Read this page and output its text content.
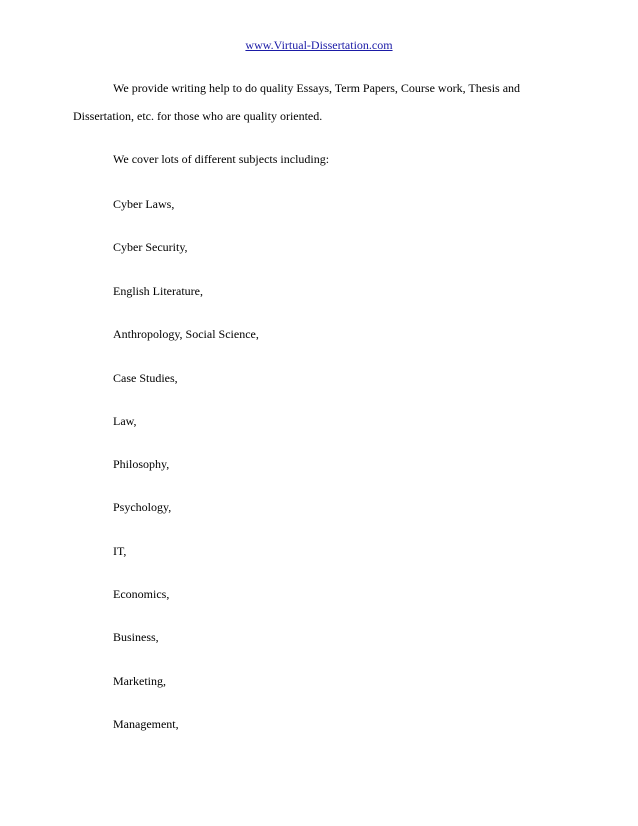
www.Virtual-Dissertation.com
We provide writing help to do quality Essays, Term Papers, Course work, Thesis and
Dissertation, etc. for those who are quality oriented.

We cover lots of different subjects including:

Cyber Laws,

Cyber Security,

English Literature,

Anthropology, Social Science,

Case Studies,

Law,

Philosophy,

Psychology,

IT,

Economics,

Business,

Marketing,

Management,
